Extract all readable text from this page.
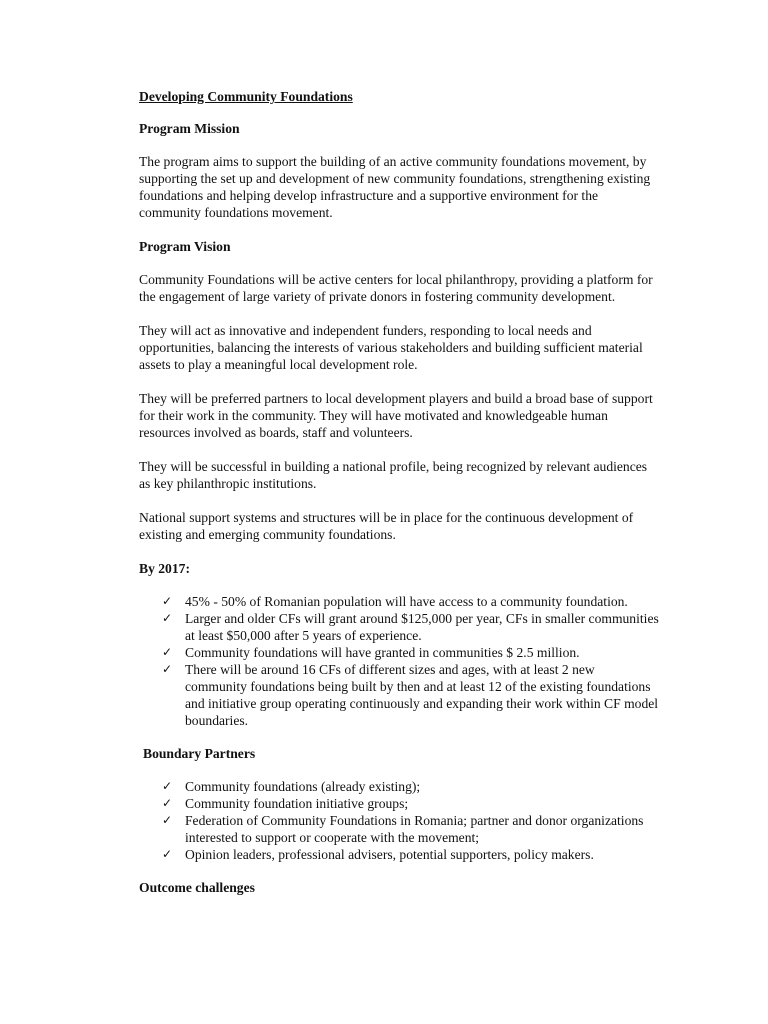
Developing Community Foundations
Program Mission
The program aims to support the building of an active community foundations movement, by supporting the set up and development of new community foundations, strengthening existing foundations and helping develop infrastructure and a supportive environment for the community foundations movement.
Program Vision
Community Foundations will be active centers for local philanthropy, providing a platform for the engagement of large variety of private donors in fostering community development.
They will act as innovative and independent funders, responding to local needs and opportunities, balancing the interests of various stakeholders and building sufficient material assets to play a meaningful local development role.
They will be preferred partners to local development players and build a broad base of support for their work in the community. They will have motivated and knowledgeable human resources involved as boards, staff and volunteers.
They will be successful in building a national profile, being recognized by relevant audiences as key philanthropic institutions.
National support systems and structures will be in place for the continuous development of existing and emerging community foundations.
By 2017:
✓ 45% - 50% of Romanian population will have access to a community foundation.
✓ Larger and older CFs will grant around $125,000 per year, CFs in smaller communities at least $50,000 after 5 years of experience.
✓ Community foundations will have granted in communities $ 2.5 million.
✓ There will be around 16 CFs of different sizes and ages, with at least 2 new community foundations being built by then and at least 12 of the existing foundations and initiative group operating continuously and expanding their work within CF model boundaries.
Boundary Partners
✓ Community foundations (already existing);
✓ Community foundation initiative groups;
✓ Federation of Community Foundations in Romania; partner and donor organizations interested to support or cooperate with the movement;
✓ Opinion leaders, professional advisers, potential supporters, policy makers.
Outcome challenges
